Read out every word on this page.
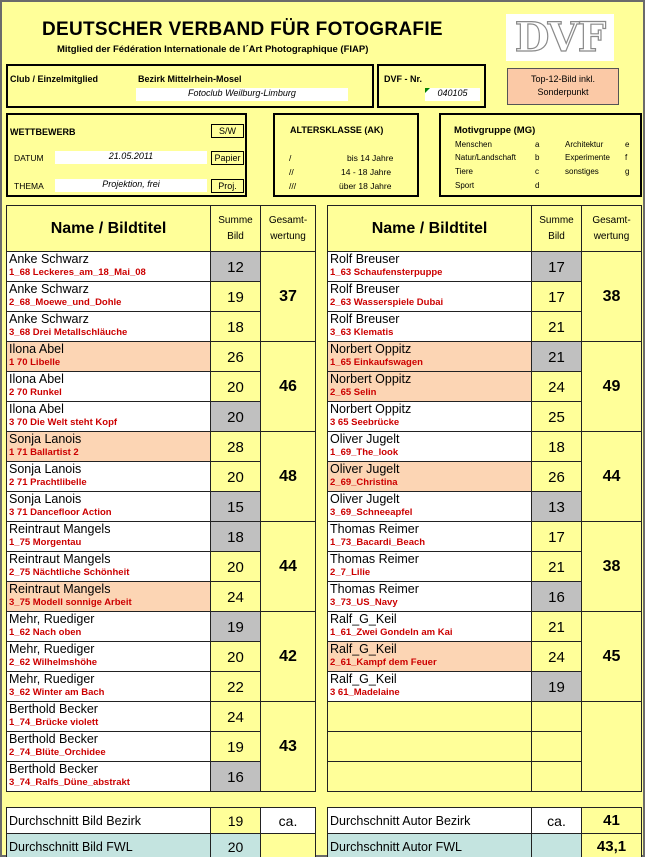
DEUTSCHER VERBAND FÜR FOTOGRAFIE
Mitglied der Fédération Internationale de l´Art Photographique (FIAP)	DVF
Club / Einzelmitglied	Bezirk Mittelrhein-Mosel
Fotoclub Weilburg-Limburg
DVF - Nr.
040105
Top-12-Bild inkl. Sonderpunkt
WETTBEWERB	S/W
DATUM	21.05.2011	Papier
THEMA	Projektion, frei	Proj.
ALTERSKLASSE (AK)
/	bis 14 Jahre
//	14 - 18 Jahre
///	über 18 Jahre
Motivgruppe (MG)
Menschen	a	Architektur	e
Natur/Landschaft b	Experimente f
Tiere	c	sonstiges	g
Sport	d
Name / Bildtitel	Summe Bild	Gesamt- wertung

Anke Schwarz
1_68 Leckeres_am_18_Mai_08	12	37

Anke Schwarz
2_68_Moewe_und_Dohle	19	

Anke Schwarz
3_68 Drei Metallschläuche	18	

Ilona Abel
1 70 Libelle	26	46

Ilona Abel
2 70 Runkel	20	

Ilona Abel
3 70 Die Welt steht Kopf	20	

Sonja Lanois
1 71 Ballartist 2	28	48

Sonja Lanois
2 71 Prachtlibelle	20	

Sonja Lanois
3 71 Dancefloor Action	15	

Reintraut Mangels
1_75 Morgentau	18	44

Reintraut Mangels
2_75 Nächtliche Schönheit	20	

Reintraut Mangels
3_75 Modell sonnige Arbeit	24	

Mehr, Ruediger
1_62 Nach oben	19	42

Mehr, Ruediger
2_62 Wilhelmshöhe	20	

Mehr, Ruediger
3_62 Winter am Bach	22	

Berthold Becker
1_74_Brücke violett	24	43

Berthold Becker
2_74_Blüte_Orchidee	19	

Berthold Becker
3_74_Ralfs_Düne_abstrakt	16	
Name / Bildtitel	Summe Bild	Gesamt- wertung

Rolf Breuser
1_63 Schaufensterpuppe	17	38

Rolf Breuser
2_63 Wasserspiele Dubai	17	

Rolf Breuser
3_63 Klematis	21	

Norbert Oppitz
1_65 Einkaufswagen	21	49

Norbert Oppitz
2_65 Selin	24	

Norbert Oppitz
3 65 Seebrücke	25	

Oliver Jugelt
1_69_The_look	18	44

Oliver Jugelt
2_69_Christina	26	

Oliver Jugelt
3_69_Schneeapfel	13	

Thomas Reimer
1_73_Bacardi_Beach	17	38

Thomas Reimer
2_7_Lilie	21	

Thomas Reimer
3_73_US_Navy	16	

Ralf_G_Keil
1_61_Zwei Gondeln am Kai	21	45

Ralf_G_Keil
2_61_Kampf dem Feuer	24	

Ralf_G_Keil
3 61_Madelaine	19	

Durchschnitt Bild Bezirk	19	ca.
Durchschnitt Bild FWL	20	
Durchschnitt Autor Bezirk	ca.	41
Durchschnitt Autor FWL		43,1
